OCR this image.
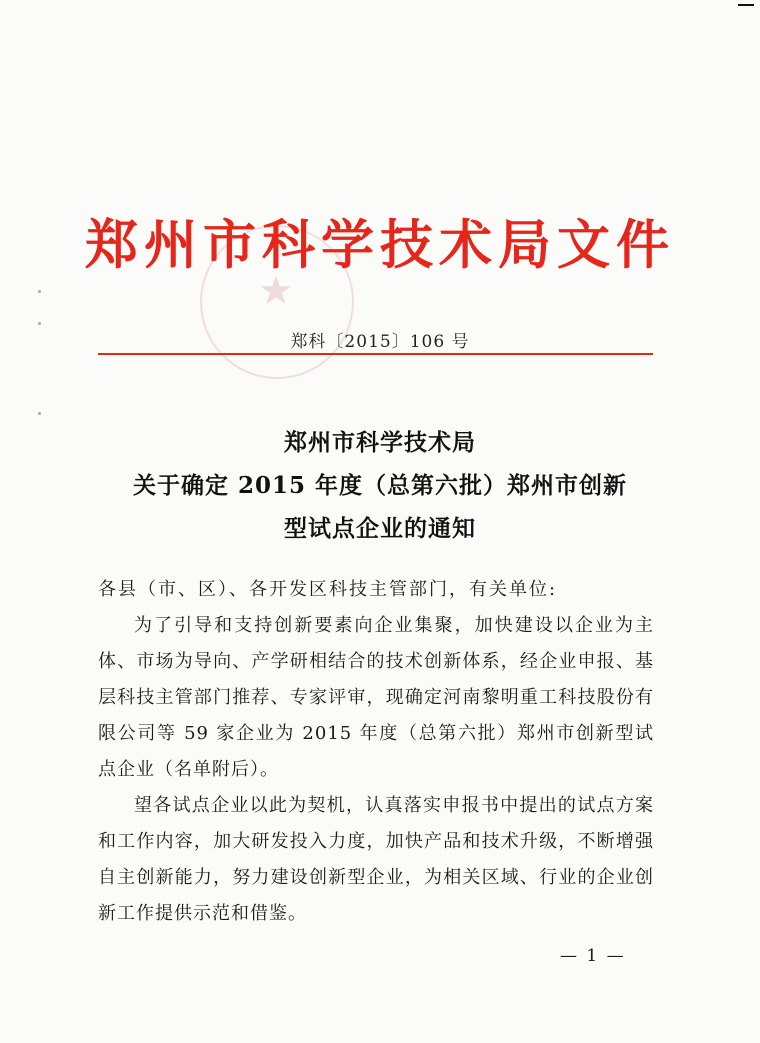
★
郑州市科学技术局文件
郑科〔2015〕106 号
郑州市科学技术局
关于确定 2015 年度（总第六批）郑州市创新
型试点企业的通知
各县（市、区）、各开发区科技主管部门，有关单位:
为了引导和支持创新要素向企业集聚，加快建设以企业为主体、市场为导向、产学研相结合的技术创新体系，经企业申报、基层科技主管部门推荐、专家评审，现确定河南黎明重工科技股份有限公司等 59 家企业为 2015 年度（总第六批）郑州市创新型试点企业（名单附后）。
望各试点企业以此为契机，认真落实申报书中提出的试点方案和工作内容，加大研发投入力度，加快产品和技术升级，不断增强自主创新能力，努力建设创新型企业，为相关区域、行业的企业创新工作提供示范和借鉴。
— 1 —
